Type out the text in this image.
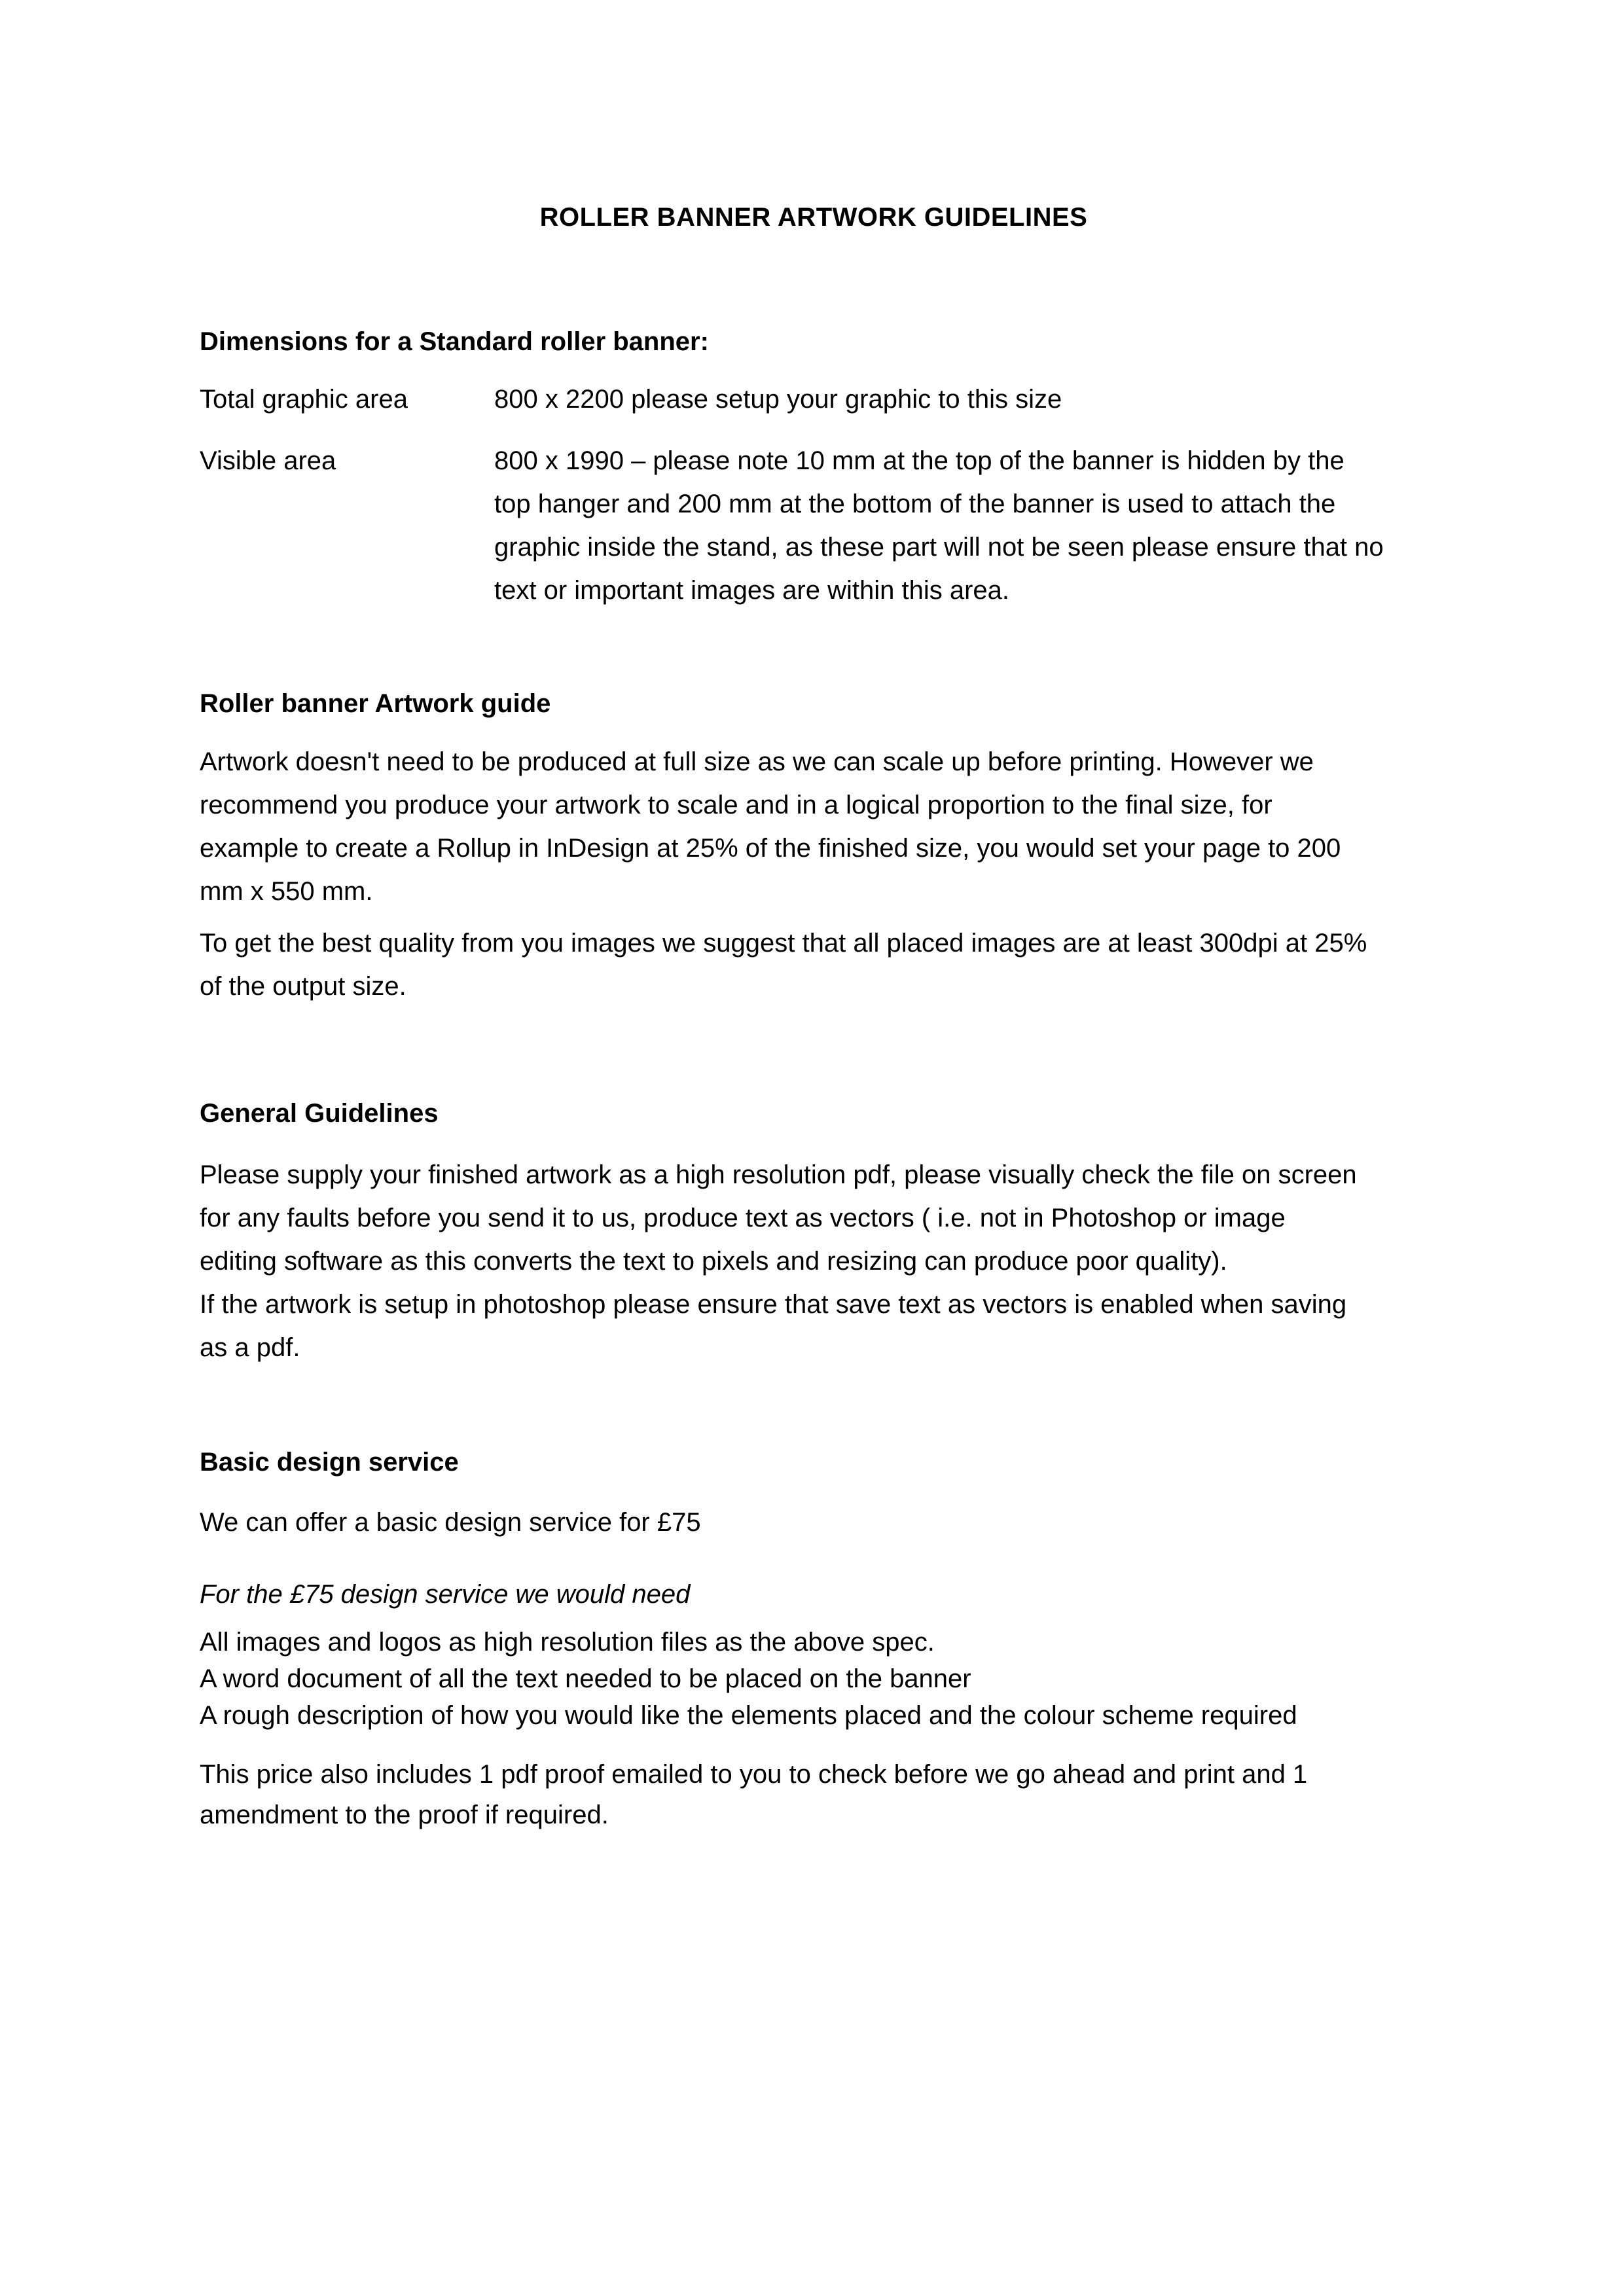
ROLLER BANNER ARTWORK GUIDELINES
Dimensions for a Standard roller banner:
Total graphic area	800 x 2200 please setup your graphic to this size
Visible area	800 x 1990 – please note 10 mm at the top of the banner is hidden by the
top hanger and 200 mm at the bottom of the banner is used to attach the
graphic inside the stand, as these part will not be seen please ensure that no
text or important images are within this area.
Roller banner Artwork guide

Artwork doesn't need to be produced at full size as we can scale up before printing. However we
recommend you produce your artwork to scale and in a logical proportion to the final size, for
example to create a Rollup in InDesign at 25% of the finished size, you would set your page to 200
mm x 550 mm.

To get the best quality from you images we suggest that all placed images are at least 300dpi at 25%
of the output size.

General Guidelines

Please supply your finished artwork as a high resolution pdf, please visually check the file on screen
for any faults before you send it to us, produce text as vectors ( i.e. not in Photoshop or image
editing software as this converts the text to pixels and resizing can produce poor quality).
If the artwork is setup in photoshop please ensure that save text as vectors is enabled when saving
as a pdf.

Basic design service

We can offer a basic design service for £75

For the £75 design service we would need

All images and logos as high resolution files as the above spec.
A word document of all the text needed to be placed on the banner
A rough description of how you would like the elements placed and the colour scheme required

This price also includes 1 pdf proof emailed to you to check before we go ahead and print and 1
amendment to the proof if required.
